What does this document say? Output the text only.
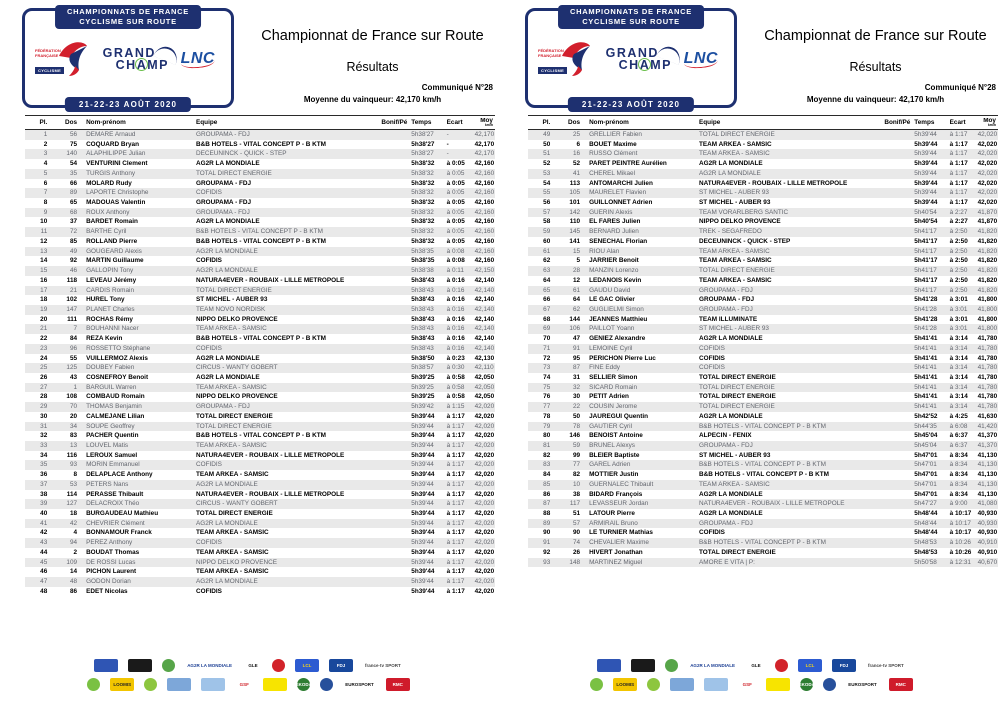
CHAMPIONNATS DE FRANCE
CYCLISME SUR ROUTE
FÉDÉRATION
FRANÇAISE
CYCLISME
GRAND
CHAMP LNC
21-22-23 AOÛT 2020
Championnat de France sur Route
Résultats
Communiqué N°28
Moyenne du vainqueur: 42,170 km/h
Pl.	Dos	Nom-prénom	Équipe	Bonif/Pé Temps	Écart	Moy
km/h
1	56	DEMARE Arnaud	GROUPAMA - FDJ	5h38'27	-	42,170
2	75	COQUARD Bryan	B&B HOTELS - VITAL CONCEPT P - B KTM	5h38'27	-	42,170
3	140	ALAPHILIPPE Julian	DECEUNINCK - QUICK - STEP	5h38'27	-	42,170
4	54	VENTURINI Clement	AG2R LA MONDIALE	5h38'32	à 0:05	42,160
5	35	TURGIS Anthony	TOTAL DIRECT ENERGIE	5h38'32	à 0:05	42,160
6	66	MOLARD Rudy	GROUPAMA - FDJ	5h38'32	à 0:05	42,160
7	89	LAPORTE Christophe	COFIDIS	5h38'32	à 0:05	42,160
8	65	MADOUAS Valentin	GROUPAMA - FDJ	5h38'32	à 0:05	42,160
9	68	ROUX Anthony	GROUPAMA - FDJ	5h38'32	à 0:05	42,160
10	37	BARDET Romain	AG2R LA MONDIALE	5h38'32	à 0:05	42,160
11	72	BARTHE Cyril	B&B HOTELS - VITAL CONCEPT P - B KTM	5h38'32	à 0:05	42,160
12	85	ROLLAND Pierre	B&B HOTELS - VITAL CONCEPT P - B KTM	5h38'32	à 0:05	42,160
13	49	GOUGEARD Alexis	AG2R LA MONDIALE	5h38'35	à 0:08	42,160
14	92	MARTIN Guillaume	COFIDIS	5h38'35	à 0:08	42,160
15	46	GALLOPIN Tony	AG2R LA MONDIALE	5h38'38	à 0:11	42,150
16	118	LEVEAU Jérémy	NATURA4EVER - ROUBAIX - LILLE METROPOLE	5h38'43	à 0:16	42,140
17	21	CARDIS Romain	TOTAL DIRECT ENERGIE	5h38'43	à 0:16	42,140
18	102	HUREL Tony	ST MICHEL - AUBER 93	5h38'43	à 0:16	42,140
19	147	PLANET Charles	TEAM NOVO NORDISK	5h38'43	à 0:16	42,140
20	111	ROCHAS Rémy	NIPPO DELKO PROVENCE	5h38'43	à 0:16	42,140
21	7	BOUHANNI Nacer	TEAM ARKEA - SAMSIC	5h38'43	à 0:16	42,140
22	84	REZA Kevin	B&B HOTELS - VITAL CONCEPT P - B KTM	5h38'43	à 0:16	42,140
23	96	ROSSETTO Stéphane	COFIDIS	5h38'43	à 0:16	42,140
24	55	VUILLERMOZ Alexis	AG2R LA MONDIALE	5h38'50	à 0:23	42,130
25	125	DOUBEY Fabien	CIRCUS - WANTY GOBERT	5h38'57	à 0:30	42,110
26	43	COSNEFROY Benoit	AG2R LA MONDIALE	5h39'25	à 0:58	42,050
27	1	BARGUIL Warren	TEAM ARKEA - SAMSIC	5h39'25	à 0:58	42,050
28	108	COMBAUD Romain	NIPPO DELKO PROVENCE	5h39'25	à 0:58	42,050
29	70	THOMAS Benjamin	GROUPAMA - FDJ	5h39'42	à 1:15	42,020
30	20	CALMEJANE Lilian	TOTAL DIRECT ENERGIE	5h39'44	à 1:17	42,020
31	34	SOUPE Geoffrey	TOTAL DIRECT ENERGIE	5h39'44	à 1:17	42,020
32	83	PACHER Quentin	B&B HOTELS - VITAL CONCEPT P - B KTM	5h39'44	à 1:17	42,020
33	13	LOUVEL Matis	TEAM ARKEA - SAMSIC	5h39'44	à 1:17	42,020
34	116	LEROUX Samuel	NATURA4EVER - ROUBAIX - LILLE METROPOLE	5h39'44	à 1:17	42,020
35	93	MORIN Emmanuel	COFIDIS	5h39'44	à 1:17	42,020
36	8	DELAPLACE Anthony	TEAM ARKEA - SAMSIC	5h39'44	à 1:17	42,020
37	53	PETERS Nans	AG2R LA MONDIALE	5h39'44	à 1:17	42,020
38	114	PERASSE Thibault	NATURA4EVER - ROUBAIX - LILLE METROPOLE	5h39'44	à 1:17	42,020
39	127	DELACROIX Théo	CIRCUS - WANTY GOBERT	5h39'44	à 1:17	42,020
40	18	BURGAUDEAU Mathieu	TOTAL DIRECT ENERGIE	5h39'44	à 1:17	42,020
41	42	CHEVRIER Clément	AG2R LA MONDIALE	5h39'44	à 1:17	42,020
42	4	BONNAMOUR Franck	TEAM ARKEA - SAMSIC	5h39'44	à 1:17	42,020
43	94	PEREZ Anthony	COFIDIS	5h39'44	à 1:17	42,020
44	2	BOUDAT Thomas	TEAM ARKEA - SAMSIC	5h39'44	à 1:17	42,020
45	109	DE ROSSI Lucas	NIPPO DELKO PROVENCE	5h39'44	à 1:17	42,020
46	14	PICHON Laurent	TEAM ARKEA - SAMSIC	5h39'44	à 1:17	42,020
47	48	GODON Dorian	AG2R LA MONDIALE	5h39'44	à 1:17	42,020
48	86	EDET Nicolas	COFIDIS	5h39'44	à 1:17	42,020
AG2R LA MONDIALE	GLE	LCL	FDJ	france·tv SPORT
LOOMIS	GSF	ŠKODA	EUROSPORT	RMC
CHAMPIONNATS DE FRANCE
CYCLISME SUR ROUTE
FÉDÉRATION
FRANÇAISE
CYCLISME
GRAND
CHAMP LNC
21-22-23 AOÛT 2020
Championnat de France sur Route
Résultats
Communiqué N°28
Moyenne du vainqueur: 42,170 km/h
Pl.	Dos	Nom-prénom	Équipe	Bonif/Pé Temps	Écart	Moy
km/h
49	25	GRELLIER Fabien	TOTAL DIRECT ENERGIE	5h39'44	à 1:17	42,020
50	6	BOUET Maxime	TEAM ARKEA - SAMSIC	5h39'44	à 1:17	42,020
51	16	RUSSO Clément	TEAM ARKEA - SAMSIC	5h39'44	à 1:17	42,020
52	52	PARET PEINTRE Aurélien	AG2R LA MONDIALE	5h39'44	à 1:17	42,020
53	41	CHEREL Mikael	AG2R LA MONDIALE	5h39'44	à 1:17	42,020
54	113	ANTOMARCHI Julien	NATURA4EVER - ROUBAIX - LILLE METROPOLE	5h39'44	à 1:17	42,020
55	105	MAURELET Flavien	ST MICHEL - AUBER 93	5h39'44	à 1:17	42,020
56	101	GUILLONNET Adrien	ST MICHEL - AUBER 93	5h39'44	à 1:17	42,020
57	142	GUERIN Alexis	TEAM VORARLBERG SANTIC	5h40'54	à 2:27	41,870
58	110	EL FARES Julien	NIPPO DELKO PROVENCE	5h40'54	à 2:27	41,870
59	145	BERNARD Julien	TREK - SEGAFREDO	5h41'17	à 2:50	41,820
60	141	SENECHAL Florian	DECEUNINCK - QUICK - STEP	5h41'17	à 2:50	41,820
61	15	RIOU Alan	TEAM ARKEA - SAMSIC	5h41'17	à 2:50	41,820
62	5	JARRIER Benoit	TEAM ARKEA - SAMSIC	5h41'17	à 2:50	41,820
63	28	MANZIN Lorenzo	TOTAL DIRECT ENERGIE	5h41'17	à 2:50	41,820
64	12	LEDANOIS Kevin	TEAM ARKEA - SAMSIC	5h41'17	à 2:50	41,820
65	61	GAUDU David	GROUPAMA - FDJ	5h41'17	à 2:50	41,820
66	64	LE GAC Olivier	GROUPAMA - FDJ	5h41'28	à 3:01	41,800
67	62	GUGLIELMI Simon	GROUPAMA - FDJ	5h41'28	à 3:01	41,800
68	144	JEANNES Matthieu	TEAM ILLUMINATE	5h41'28	à 3:01	41,800
69	106	PAILLOT Yoann	ST MICHEL - AUBER 93	5h41'28	à 3:01	41,800
70	47	GENIEZ Alexandre	AG2R LA MONDIALE	5h41'41	à 3:14	41,780
71	91	LEMOINE Cyril	COFIDIS	5h41'41	à 3:14	41,780
72	95	PERICHON Pierre Luc	COFIDIS	5h41'41	à 3:14	41,780
73	87	FINE Eddy	COFIDIS	5h41'41	à 3:14	41,780
74	31	SELLIER Simon	TOTAL DIRECT ENERGIE	5h41'41	à 3:14	41,780
75	32	SICARD Romain	TOTAL DIRECT ENERGIE	5h41'41	à 3:14	41,780
76	30	PETIT Adrien	TOTAL DIRECT ENERGIE	5h41'41	à 3:14	41,780
77	22	COUSIN Jerome	TOTAL DIRECT ENERGIE	5h41'41	à 3:14	41,780
78	50	JAUREGUI Quentin	AG2R LA MONDIALE	5h42'52	à 4:25	41,630
79	78	GAUTIER Cyril	B&B HOTELS - VITAL CONCEPT P - B KTM	5h44'35	à 6:08	41,420
80	146	BENOIST Antoine	ALPECIN - FENIX	5h45'04	à 6:37	41,370
81	59	BRUNEL Alexys	GROUPAMA - FDJ	5h45'04	à 6:37	41,370
82	99	BLEIER Baptiste	ST MICHEL - AUBER 93	5h47'01	à 8:34	41,130
83	77	GAREL Adrien	B&B HOTELS - VITAL CONCEPT P - B KTM	5h47'01	à 8:34	41,130
84	82	MOTTIER Justin	B&B HOTELS - VITAL CONCEPT P - B KTM	5h47'01	à 8:34	41,130
85	10	GUERNALEC Thibault	TEAM ARKEA - SAMSIC	5h47'01	à 8:34	41,130
86	38	BIDARD François	AG2R LA MONDIALE	5h47'01	à 8:34	41,130
87	117	LEVASSEUR Jordan	NATURA4EVER - ROUBAIX - LILLE METROPOLE	5h47'27	à 9:00	41,080
88	51	LATOUR Pierre	AG2R LA MONDIALE	5h48'44	à 10:17 40,930
89	57	ARMIRAIL Bruno	GROUPAMA - FDJ	5h48'44	à 10:17	40,930
90	90	LE TURNIER Mathias	COFIDIS	5h48'44	à 10:17 40,930
91	74	CHEVALIER Maxime	B&B HOTELS - VITAL CONCEPT P - B KTM	5h48'53	à 10:26	40,910
92	26	HIVERT Jonathan	TOTAL DIRECT ENERGIE	5h48'53	à 10:26 40,910
93	148	MARTINEZ Miguel	AMORE E VITA | P:	5h50'58	à 12:31	40,670
AG2R LA MONDIALE	GLE	LCL	FDJ	france·tv SPORT
LOOMIS	GSF	ŠKODA	EUROSPORT	RMC
